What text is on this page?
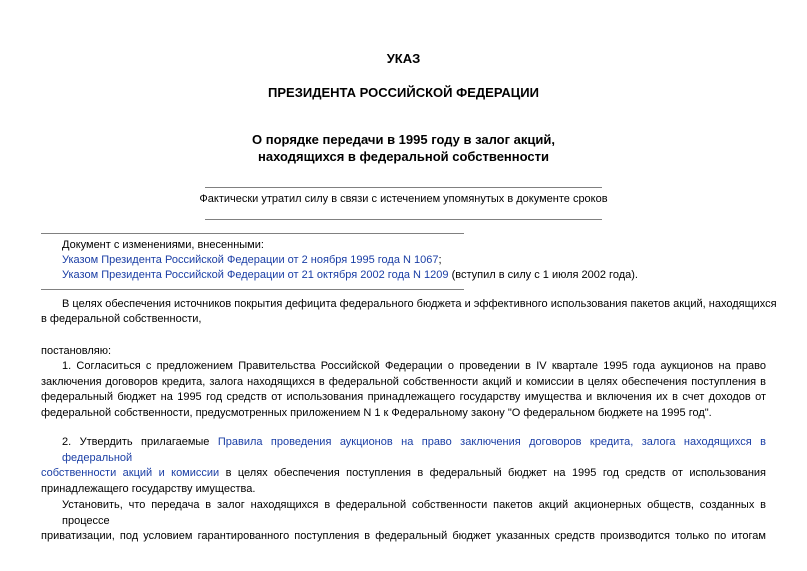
УКАЗ
ПРЕЗИДЕНТА РОССИЙСКОЙ ФЕДЕРАЦИИ
О порядке передачи в 1995 году в залог акций,
находящихся в федеральной собственности
Фактически утратил силу в связи с истечением упомянутых в документе сроков
Документ с изменениями, внесенными:
Указом Президента Российской Федерации от 2 ноября 1995 года N 1067;
Указом Президента Российской Федерации от 21 октября 2002 года N 1209 (вступил в силу с 1 июля 2002 года).
В целях обеспечения источников покрытия дефицита федерального бюджета и эффективного использования пакетов акций, находящихся
в федеральной собственности,
постановляю:
1. Согласиться с предложением Правительства Российской Федерации о проведении в IV квартале 1995 года аукционов на право
заключения договоров кредита, залога находящихся в федеральной собственности акций и комиссии в целях обеспечения поступления в
федеральный бюджет на 1995 год средств от использования принадлежащего государству имущества и включения их в счет доходов от
федеральной собственности, предусмотренных приложением N 1 к Федеральному закону "О федеральном бюджете на 1995 год".
2. Утвердить прилагаемые Правила проведения аукционов на право заключения договоров кредита, залога находящихся в федеральной
собственности акций и комиссии в целях обеспечения поступления в федеральный бюджет на 1995 год средств от использования
принадлежащего государству имущества.
Установить, что передача в залог находящихся в федеральной собственности пакетов акций акционерных обществ, созданных в процессе
приватизации, под условием гарантированного поступления в федеральный бюджет указанных средств производится только по итогам
